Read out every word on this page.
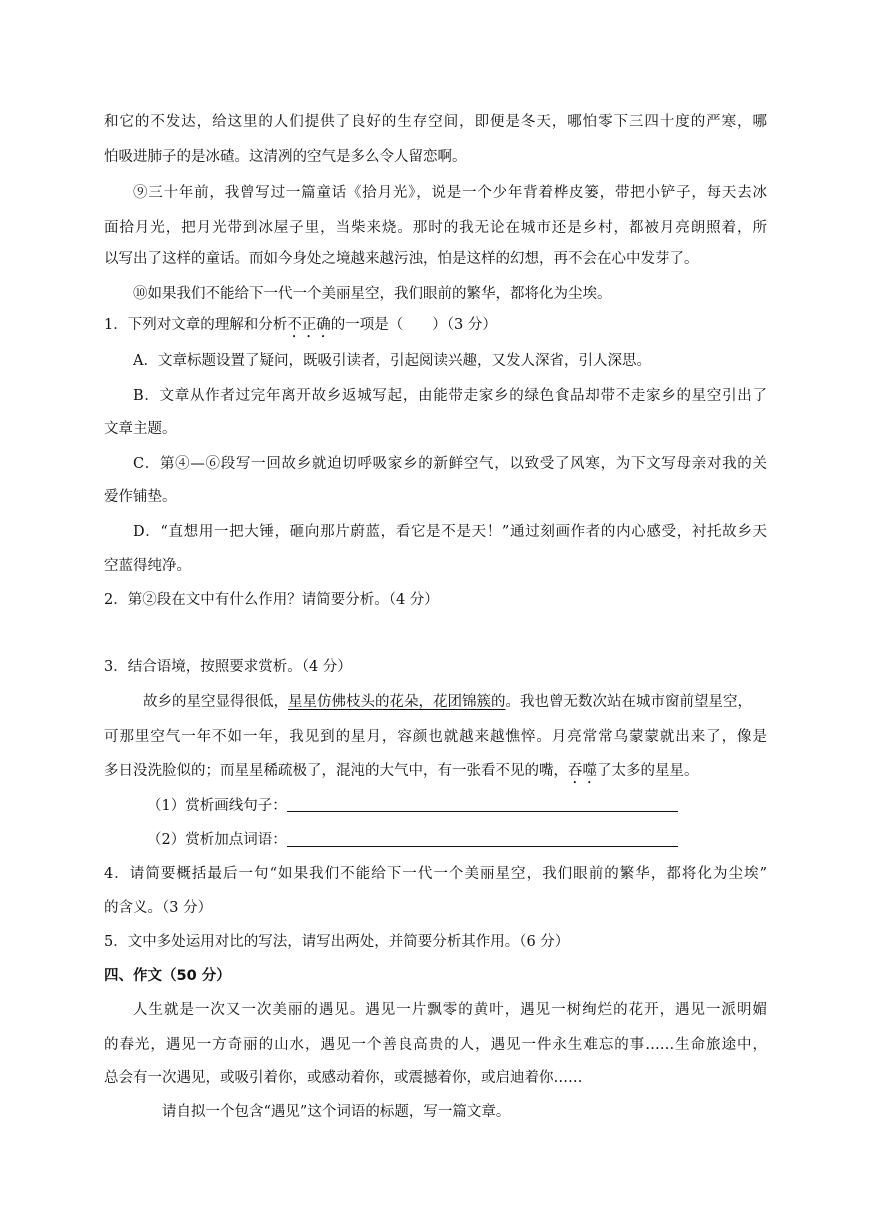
和它的不发达，给这里的人们提供了良好的生存空间，即便是冬天，哪怕零下三四十度的严寒，哪
怕吸进肺子的是冰碴。这清冽的空气是多么令人留恋啊。
⑨三十年前，我曾写过一篇童话《拾月光》，说是一个少年背着桦皮篓，带把小铲子，每天去冰
面拾月光，把月光带到冰屋子里，当柴来烧。那时的我无论在城市还是乡村，都被月亮朗照着，所
以写出了这样的童话。而如今身处之境越来越污浊，怕是这样的幻想，再不会在心中发芽了。
⑩如果我们不能给下一代一个美丽星空，我们眼前的繁华，都将化为尘埃。
1．下列对文章的理解和分析不正确的一项是（　　）（3 分）
A．文章标题设置了疑问，既吸引读者，引起阅读兴趣，又发人深省，引人深思。
B．文章从作者过完年离开故乡返城写起，由能带走家乡的绿色食品却带不走家乡的星空引出了
文章主题。
C．第④—⑥段写一回故乡就迫切呼吸家乡的新鲜空气，以致受了风寒，为下文写母亲对我的关
爱作铺垫。
D．“直想用一把大锤，砸向那片蔚蓝，看它是不是天！”通过刻画作者的内心感受，衬托故乡天
空蓝得纯净。
2．第②段在文中有什么作用？请简要分析。（4 分）
3．结合语境，按照要求赏析。（4 分）
故乡的星空显得很低，星星仿佛枝头的花朵，花团锦簇的。我也曾无数次站在城市窗前望星空，
可那里空气一年不如一年，我见到的星月，容颜也就越来越憔悴。月亮常常乌蒙蒙就出来了，像是
多日没洗脸似的；而星星稀疏极了，混沌的大气中，有一张看不见的嘴，吞噬了太多的星星。
（1）赏析画线句子：
（2）赏析加点词语：
4．请简要概括最后一句“如果我们不能给下一代一个美丽星空，我们眼前的繁华，都将化为尘埃”
的含义。（3 分）
5．文中多处运用对比的写法，请写出两处，并简要分析其作用。（6 分）
四、作文（50 分）
人生就是一次又一次美丽的遇见。遇见一片飘零的黄叶，遇见一树绚烂的花开，遇见一派明媚
的春光，遇见一方奇丽的山水，遇见一个善良高贵的人，遇见一件永生难忘的事……生命旅途中，
总会有一次遇见，或吸引着你，或感动着你，或震撼着你，或启迪着你……
请自拟一个包含“遇见”这个词语的标题，写一篇文章。
